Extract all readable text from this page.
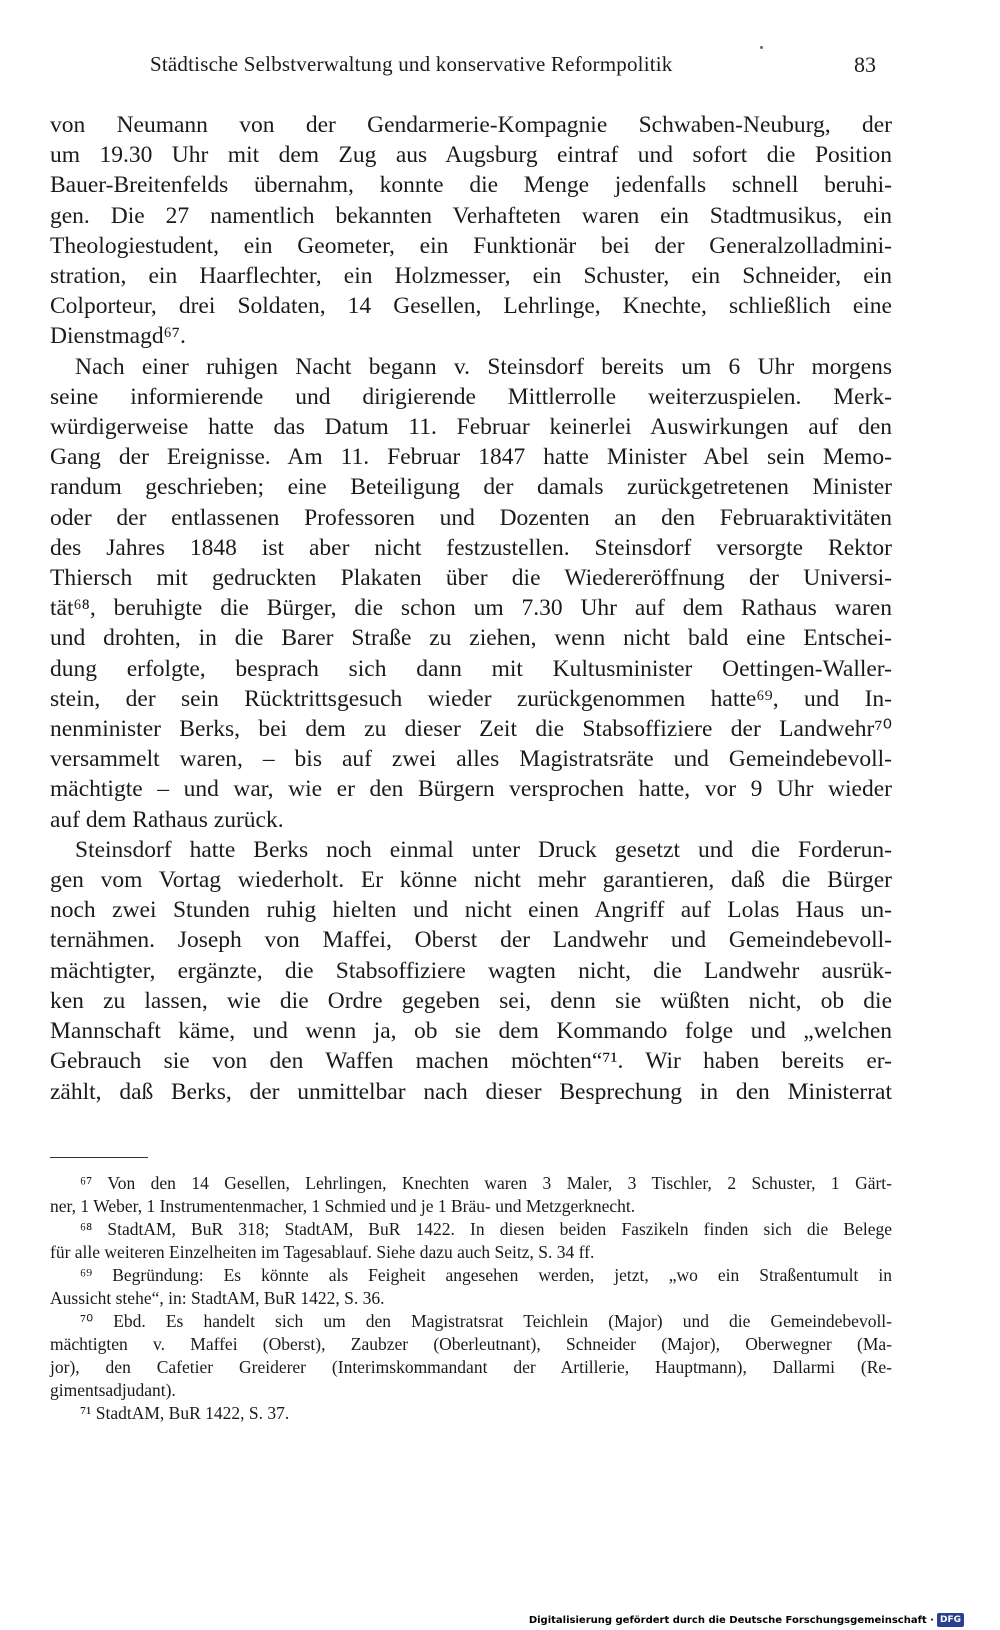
Städtische Selbstverwaltung und konservative Reformpolitik	83

von Neumann von der Gendarmerie-Kompagnie Schwaben-Neuburg, der

um 19.30 Uhr mit dem Zug aus Augsburg eintraf und sofort die Position

Bauer-Breitenfelds übernahm, konnte die Menge jedenfalls schnell beruhi-

gen. Die 27 namentlich bekannten Verhafteten waren ein Stadtmusikus, ein

Theologiestudent, ein Geometer, ein Funktionär bei der Generalzolladmini-

stration, ein Haarflechter, ein Holzmesser, ein Schuster, ein Schneider, ein

Colporteur, drei Soldaten, 14 Gesellen, Lehrlinge, Knechte, schließlich eine

Dienstmagd⁶⁷.

Nach einer ruhigen Nacht begann v. Steinsdorf bereits um 6 Uhr morgens

seine informierende und dirigierende Mittlerrolle weiterzuspielen. Merk-

würdigerweise hatte das Datum 11. Februar keinerlei Auswirkungen auf den

Gang der Ereignisse. Am 11. Februar 1847 hatte Minister Abel sein Memo-

randum geschrieben; eine Beteiligung der damals zurückgetretenen Minister

oder der entlassenen Professoren und Dozenten an den Februaraktivitäten

des Jahres 1848 ist aber nicht festzustellen. Steinsdorf versorgte Rektor

Thiersch mit gedruckten Plakaten über die Wiedereröffnung der Universi-

tät⁶⁸, beruhigte die Bürger, die schon um 7.30 Uhr auf dem Rathaus waren

und drohten, in die Barer Straße zu ziehen, wenn nicht bald eine Entschei-

dung erfolgte, besprach sich dann mit Kultusminister Oettingen-Waller-

stein, der sein Rücktrittsgesuch wieder zurückgenommen hatte⁶⁹, und In-

nenminister Berks, bei dem zu dieser Zeit die Stabsoffiziere der Landwehr⁷⁰

versammelt waren, – bis auf zwei alles Magistratsräte und Gemeindebevoll-

mächtigte – und war, wie er den Bürgern versprochen hatte, vor 9 Uhr wieder

auf dem Rathaus zurück.

Steinsdorf hatte Berks noch einmal unter Druck gesetzt und die Forderun-

gen vom Vortag wiederholt. Er könne nicht mehr garantieren, daß die Bürger

noch zwei Stunden ruhig hielten und nicht einen Angriff auf Lolas Haus un-

ternähmen. Joseph von Maffei, Oberst der Landwehr und Gemeindebevoll-

mächtigter, ergänzte, die Stabsoffiziere wagten nicht, die Landwehr ausrük-

ken zu lassen, wie die Ordre gegeben sei, denn sie wüßten nicht, ob die

Mannschaft käme, und wenn ja, ob sie dem Kommando folge und „welchen

Gebrauch sie von den Waffen machen möchten“⁷¹. Wir haben bereits er-

zählt, daß Berks, der unmittelbar nach dieser Besprechung in den Ministerrat

⁶⁷ Von den 14 Gesellen, Lehrlingen, Knechten waren 3 Maler, 3 Tischler, 2 Schuster, 1 Gärt-

ner, 1 Weber, 1 Instrumentenmacher, 1 Schmied und je 1 Bräu- und Metzgerknecht.

⁶⁸ StadtAM, BuR 318; StadtAM, BuR 1422. In diesen beiden Faszikeln finden sich die Belege

für alle weiteren Einzelheiten im Tagesablauf. Siehe dazu auch Seitz, S. 34 ff.

⁶⁹ Begründung: Es könnte als Feigheit angesehen werden, jetzt, „wo ein Straßentumult in

Aussicht stehe“, in: StadtAM, BuR 1422, S. 36.

⁷⁰ Ebd. Es handelt sich um den Magistratsrat Teichlein (Major) und die Gemeindebevoll-

mächtigten v. Maffei (Oberst), Zaubzer (Oberleutnant), Schneider (Major), Oberwegner (Ma-

jor), den Cafetier Greiderer (Interimskommandant der Artillerie, Hauptmann), Dallarmi (Re-

gimentsadjudant).

⁷¹ StadtAM, BuR 1422, S. 37.

Digitalisierung gefördert durch die Deutsche Forschungsgemeinschaft · DFG
